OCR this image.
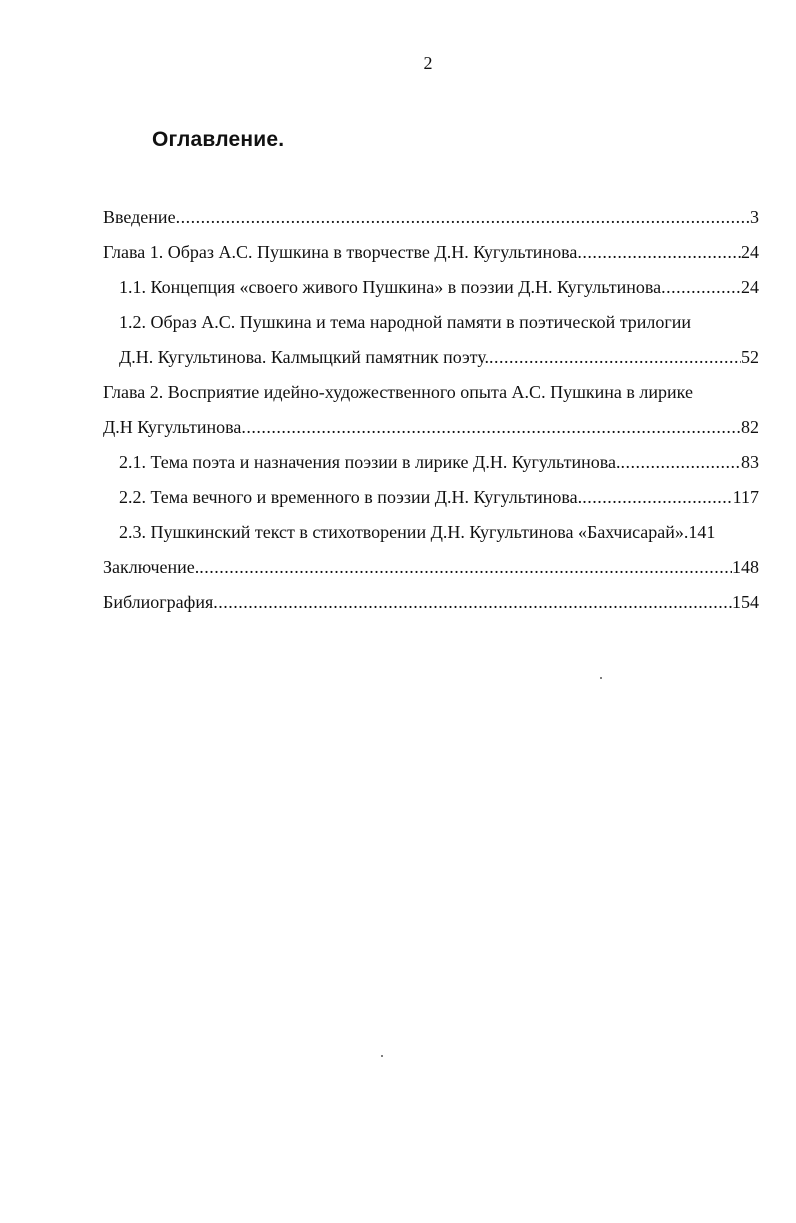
2
Оглавление.
Введение .....	3
Глава 1. Образ А.С. Пушкина в творчестве Д.Н. Кугультинова .....	24
1.1. Концепция «своего живого Пушкина» в поэзии Д.Н. Кугультинова .....	24
1.2. Образ А.С. Пушкина и тема народной памяти в поэтической трилогии
Д.Н. Кугультинова. Калмыцкий памятник поэту. .....	52
Глава 2. Восприятие идейно-художественного опыта А.С. Пушкина в лирике
Д.Н Кугультинова .....	82
2.1. Тема поэта и назначения поэзии в лирике Д.Н. Кугультинова. .....	83
2.2. Тема вечного и временного в поэзии Д.Н. Кугультинова. .....	117
2.3. Пушкинский текст в стихотворении Д.Н. Кугультинова «Бахчисарай». 141
Заключение. .....	148
Библиография .....	154
